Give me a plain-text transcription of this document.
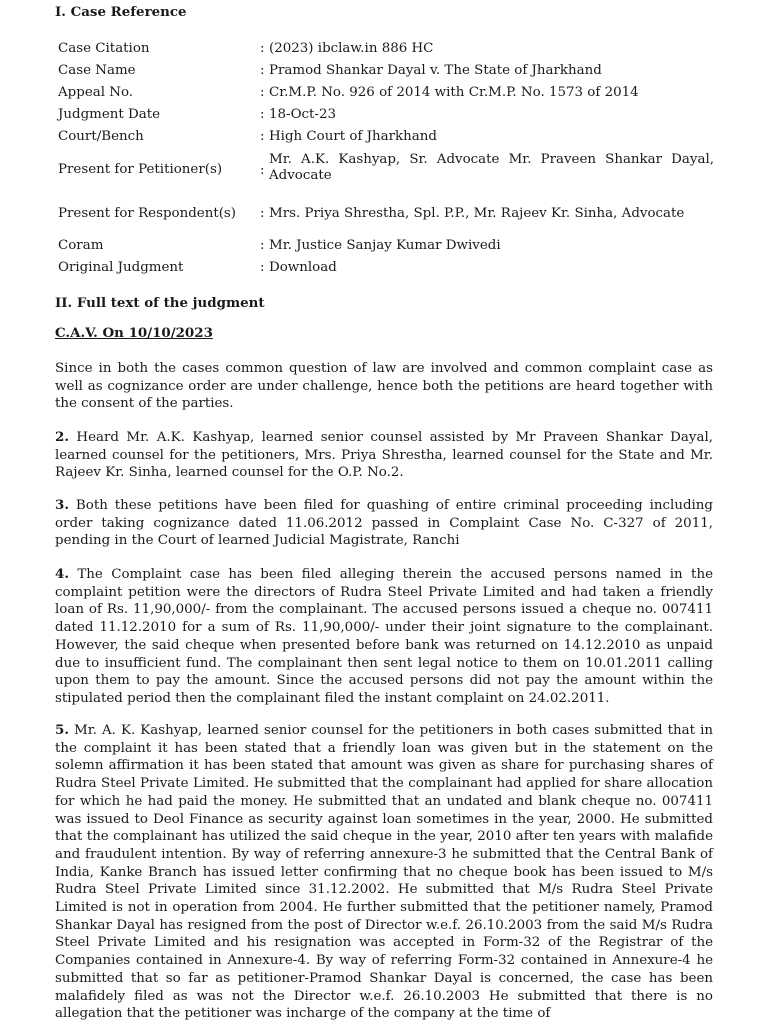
I. Case Reference
Case Citation	: (2023) ibclaw.in 886 HC
Case Name	: Pramod Shankar Dayal v. The State of Jharkhand
Appeal No.	: Cr.M.P. No. 926 of 2014 with Cr.M.P. No. 1573 of 2014
Judgment Date	: 18-Oct-23
Court/Bench	: High Court of Jharkhand
Present for Petitioner(s)	:
Mr. A.K. Kashyap, Sr. Advocate Mr. Praveen Shankar Dayal, Advocate
Present for Respondent(s) : Mrs. Priya Shrestha, Spl. P.P., Mr. Rajeev Kr. Sinha, Advocate
Coram	: Mr. Justice Sanjay Kumar Dwivedi
Original Judgment	: Download
II. Full text of the judgment

C.A.V. On 10/10/2023

Since in both the cases common question of law are involved and common complaint case as well as cognizance order are under challenge, hence both the petitions are heard together with the consent of the parties.

2. Heard Mr. A.K. Kashyap, learned senior counsel assisted by Mr Praveen Shankar Dayal, learned counsel for the petitioners, Mrs. Priya Shrestha, learned counsel for the State and Mr. Rajeev Kr. Sinha, learned counsel for the O.P. No.2.

3. Both these petitions have been filed for quashing of entire criminal proceeding including order taking cognizance dated 11.06.2012 passed in Complaint Case No. C-327 of 2011, pending in the Court of learned Judicial Magistrate, Ranchi

4. The Complaint case has been filed alleging therein the accused persons named in the complaint petition were the directors of Rudra Steel Private Limited and had taken a friendly loan of Rs. 11,90,000/- from the complainant. The accused persons issued a cheque no. 007411 dated 11.12.2010 for a sum of Rs. 11,90,000/- under their joint signature to the complainant. However, the said cheque when presented before bank was returned on 14.12.2010 as unpaid due to insufficient fund. The complainant then sent legal notice to them on 10.01.2011 calling upon them to pay the amount. Since the accused persons did not pay the amount within the stipulated period then the complainant filed the instant complaint on 24.02.2011.

5. Mr. A. K. Kashyap, learned senior counsel for the petitioners in both cases submitted that in the complaint it has been stated that a friendly loan was given but in the statement on the solemn affirmation it has been stated that amount was given as share for purchasing shares of Rudra Steel Private Limited. He submitted that the complainant had applied for share allocation for which he had paid the money. He submitted that an undated and blank cheque no. 007411 was issued to Deol Finance as security against loan sometimes in the year, 2000. He submitted that the complainant has utilized the said cheque in the year, 2010 after ten years with malafide and fraudulent intention. By way of referring annexure-3 he submitted that the Central Bank of India, Kanke Branch has issued letter confirming that no cheque book has been issued to M/s Rudra Steel Private Limited since 31.12.2002. He submitted that M/s Rudra Steel Private Limited is not in operation from 2004. He further submitted that the petitioner namely, Pramod Shankar Dayal has resigned from the post of Director w.e.f. 26.10.2003 from the said M/s Rudra Steel Private Limited and his resignation was accepted in Form-32 of the Registrar of the Companies contained in Annexure-4. By way of referring Form-32 contained in Annexure-4 he submitted that so far as petitioner-Pramod Shankar Dayal is concerned, the case has been malafidely filed as was not the Director w.e.f. 26.10.2003 He submitted that there is no allegation that the petitioner was incharge of the company at the time of
